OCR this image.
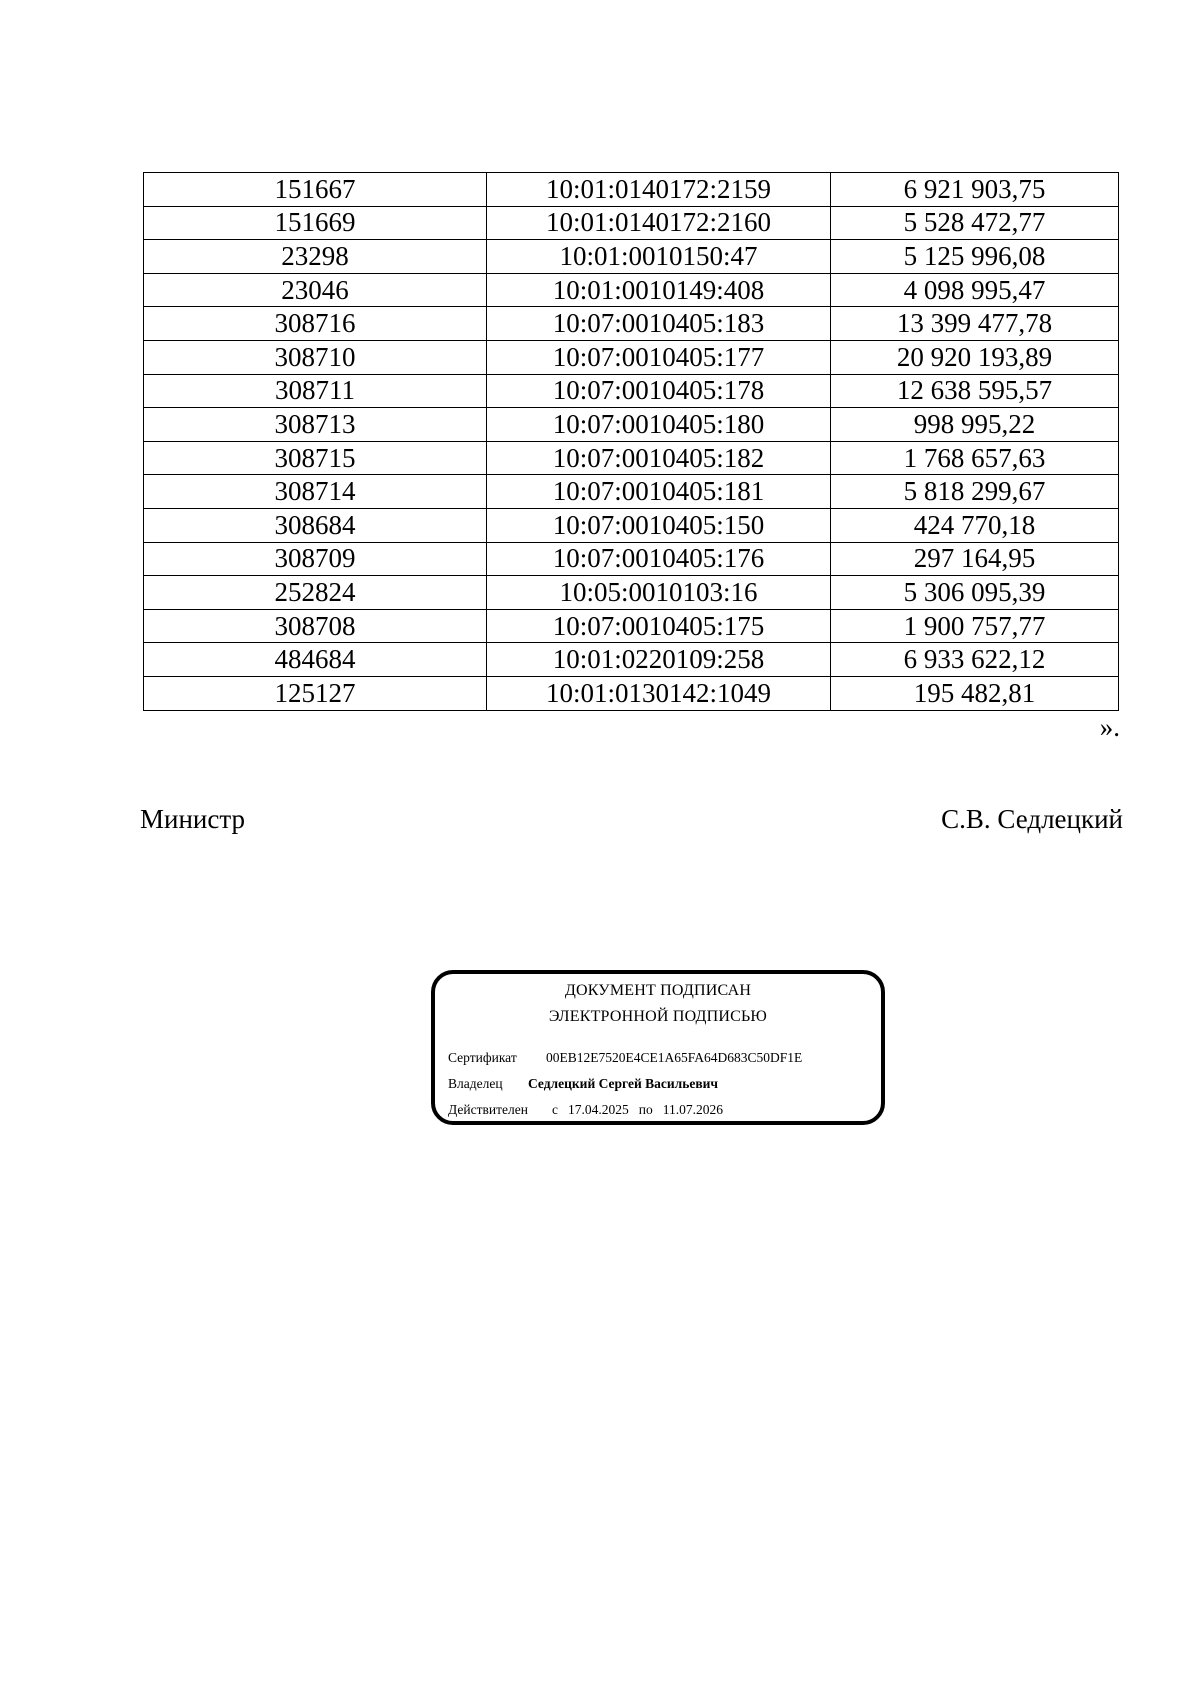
151667	10:01:0140172:2159	6 921 903,75
151669	10:01:0140172:2160	5 528 472,77
23298	10:01:0010150:47	5 125 996,08
23046	10:01:0010149:408	4 098 995,47
308716	10:07:0010405:183	13 399 477,78
308710	10:07:0010405:177	20 920 193,89
308711	10:07:0010405:178	12 638 595,57
308713	10:07:0010405:180	998 995,22
308715	10:07:0010405:182	1 768 657,63
308714	10:07:0010405:181	5 818 299,67
308684	10:07:0010405:150	424 770,18
308709	10:07:0010405:176	297 164,95
252824	10:05:0010103:16	5 306 095,39
308708	10:07:0010405:175	1 900 757,77
484684	10:01:0220109:258	6 933 622,12
125127	10:01:0130142:1049	195 482,81
».
Министр	С.В. Седлецкий
ДОКУМЕНТ ПОДПИСАН
ЭЛЕКТРОННОЙ ПОДПИСЬЮ
Сертификат 00EB12E7520E4CE1A65FA64D683C50DF1E
Владелец Седлецкий Сергей Васильевич
Действителен с 17.04.2025 по 11.07.2026
